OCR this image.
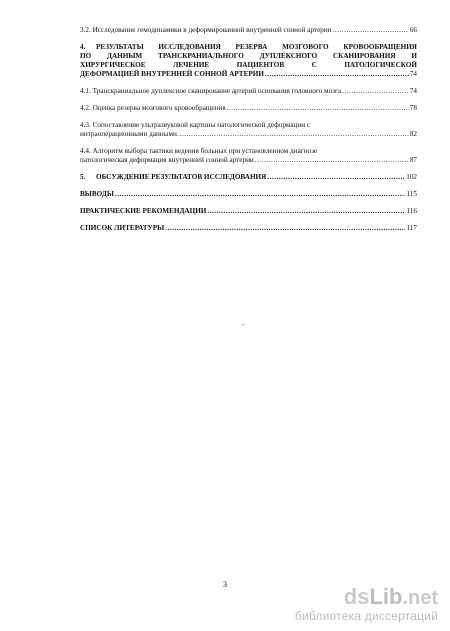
3.2. Исследование гемодинамики в деформированной внутренней сонной артерии .....	66
4. РЕЗУЛЬТАТЫ ИССЛЕДОВАНИЯ РЕЗЕРВА МОЗГОВОГО КРОВООБРАЩЕНИЯ
ПО ДАННЫМ ТРАНСКРАНИАЛЬНОГО ДУПЛЕКСНОГО СКАНИРОВАНИЯ И
ХИРУРГИЧЕСКОЕ ЛЕЧЕНИЕ ПАЦИЕНТОВ С ПАТОЛОГИЧЕСКОЙ
ДЕФОРМАЦИЕЙ ВНУТРЕННЕЙ СОННОЙ АРТЕРИИ .....	74
4.1. Транскраниальное дуплексное сканирование артерий основания головного мозга .....	74
4.2. Оценка резерва мозгового кровообращения .....	78
4.3. Сопоставление ультразвуковой картины патологической деформации с
интраоперационными данными. .....	82
4.4. Алгоритм выбора тактики ведения больных при установленном диагнозе
патологическая деформация внутренней сонной артерии .....	87
5. ОБСУЖДЕНИЕ РЕЗУЛЬТАТОВ ИССЛЕДОВАНИЯ .....	102
ВЫВОДЫ .....	115
ПРАКТИЧЕСКИЕ РЕКОМЕНДАЦИИ .....	116
СПИСОК ЛИТЕРАТУРЫ .....	117
.
3	dsLib.net
библиотека диссертаций
